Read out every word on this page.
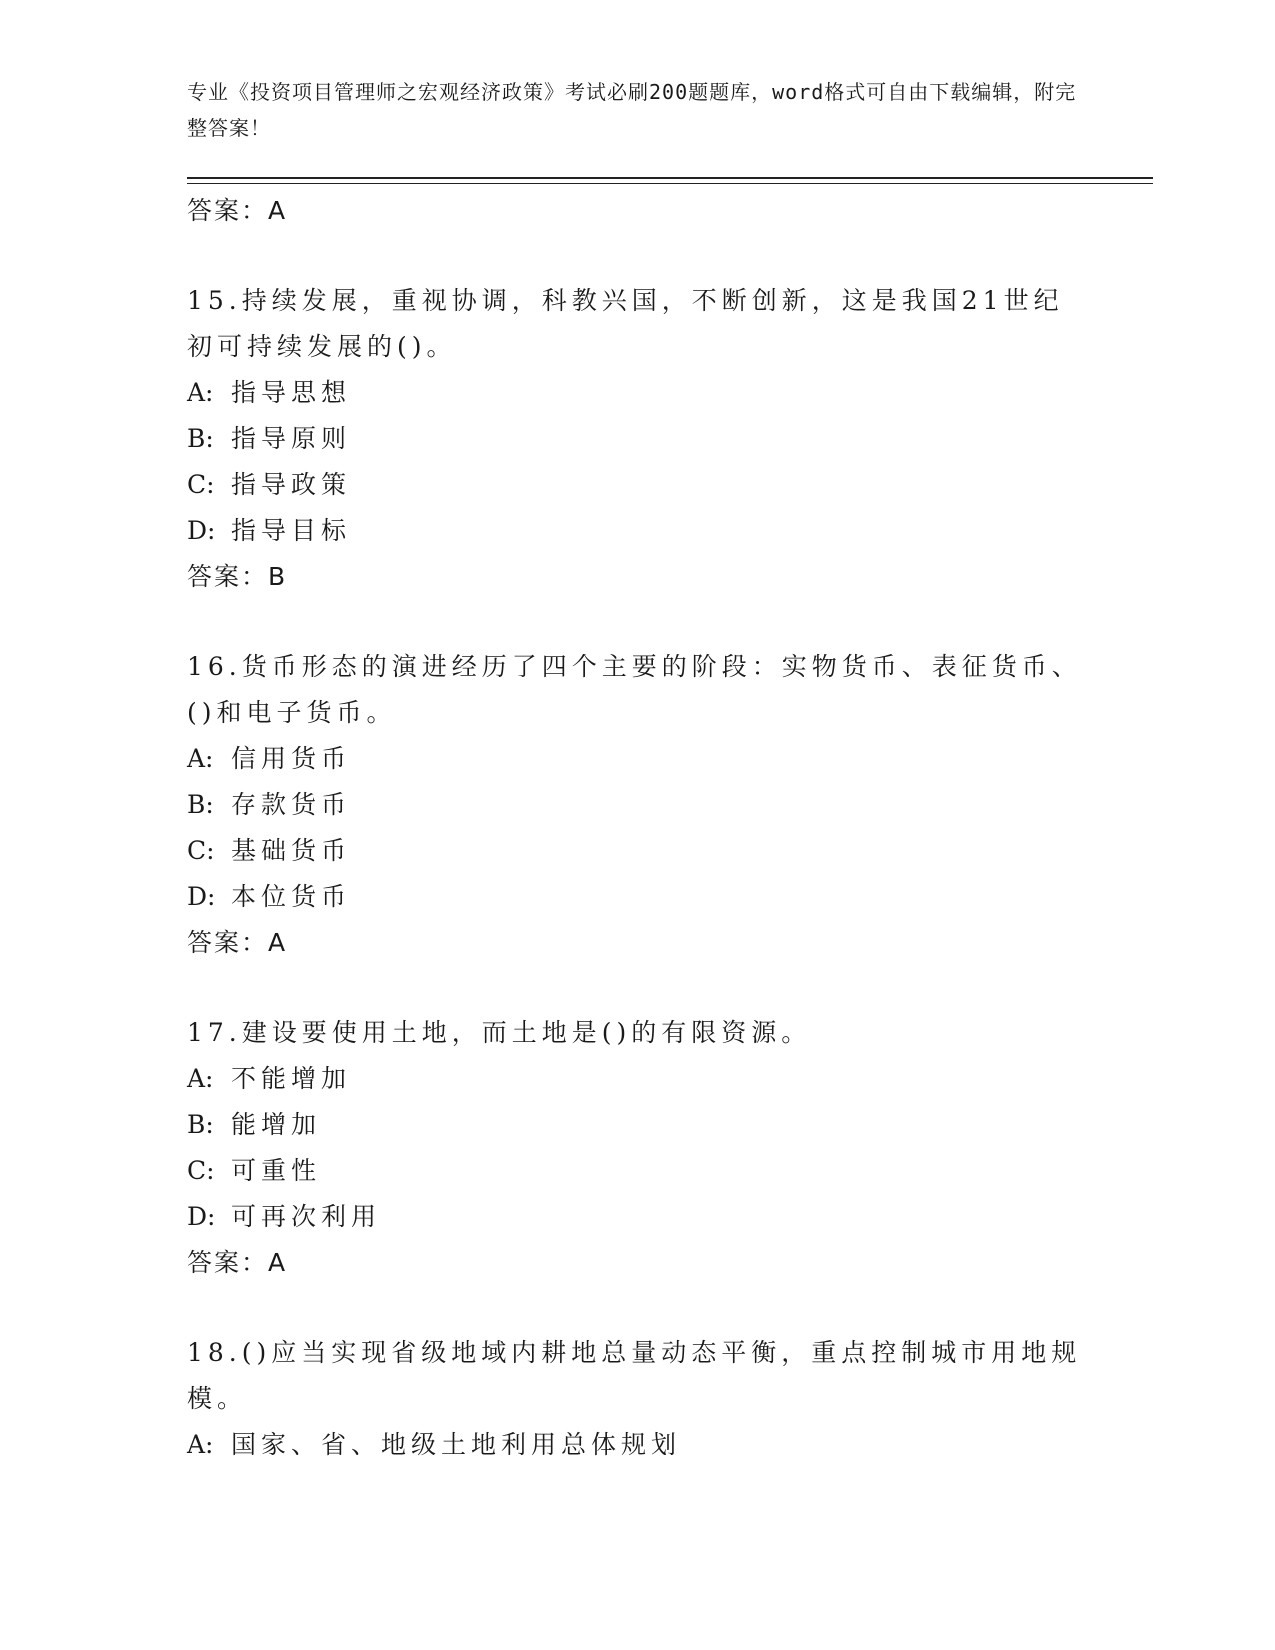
专业《投资项目管理师之宏观经济政策》考试必刷200题题库，word格式可自由下载编辑，附完整答案！
答案：A
15.持续发展，重视协调，科教兴国，不断创新，这是我国21世纪初可持续发展的()。
A: 指导思想
B: 指导原则
C: 指导政策
D: 指导目标
答案：B
16.货币形态的演进经历了四个主要的阶段：实物货币、表征货币、()和电子货币。
A: 信用货币
B: 存款货币
C: 基础货币
D: 本位货币
答案：A
17.建设要使用土地，而土地是()的有限资源。
A: 不能增加
B: 能增加
C: 可重性
D: 可再次利用
答案：A
18.()应当实现省级地域内耕地总量动态平衡，重点控制城市用地规模。
A: 国家、省、地级土地利用总体规划
